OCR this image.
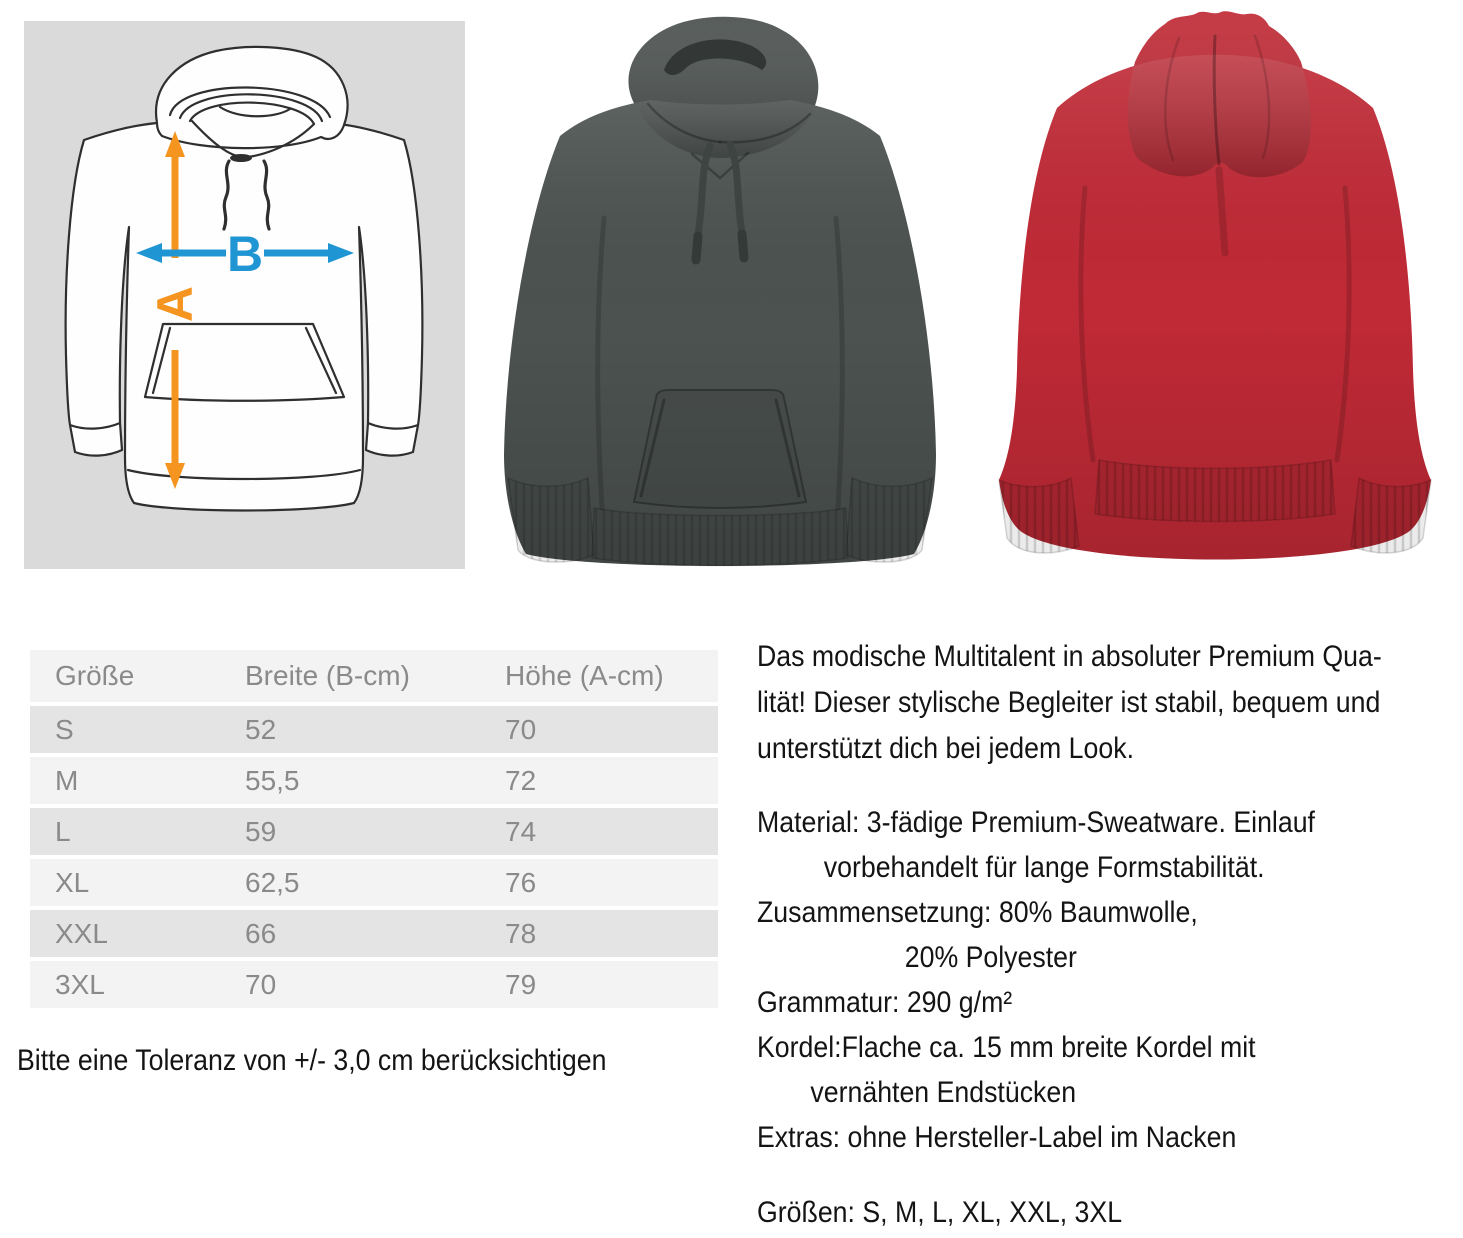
A
B
Größe	Breite (B-cm)	Höhe (A-cm)
S	52	70
M	55,5	72
L	59	74
XL	62,5	76
XXL	66	78
3XL	70	79
Bitte eine Toleranz von +/- 3,0 cm berücksichtigen
Das modische Multitalent in absoluter Premium Qua-
lität! Dieser stylische Begleiter ist stabil, bequem und
unterstützt dich bei jedem Look.
Material: 3-fädige Premium-Sweatware. Einlauf
vorbehandelt für lange Formstabilität.
Zusammensetzung: 80% Baumwolle,
20% Polyester
Grammatur: 290 g/m²
Kordel:Flache ca. 15 mm breite Kordel mit
vernähten Endstücken
Extras: ohne Hersteller-Label im Nacken
Größen: S, M, L, XL, XXL, 3XL
